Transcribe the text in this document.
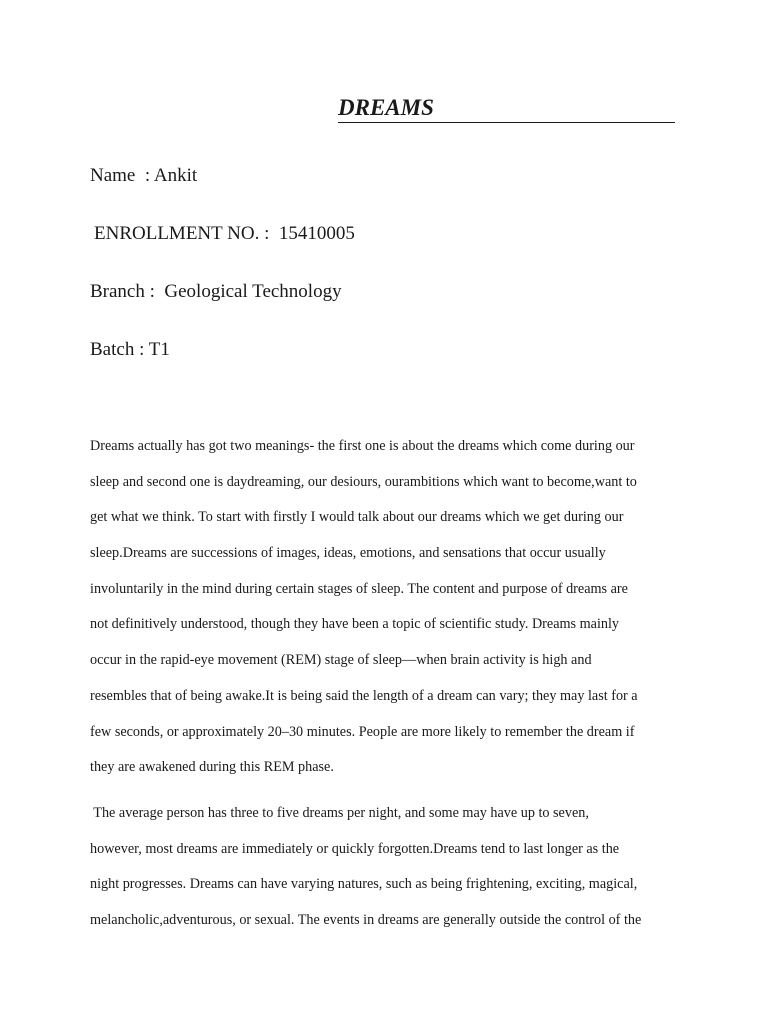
DREAMS
Name  : Ankit
ENROLLMENT NO. :  15410005
Branch :  Geological Technology
Batch : T1

Dreams actually has got two meanings- the first one is about the dreams which come during our
sleep and second one is daydreaming, our desiours, ourambitions which want to become,want to
get what we think. To start with firstly I would talk about our dreams which we get during our
sleep.Dreams are successions of images, ideas, emotions, and sensations that occur usually
involuntarily in the mind during certain stages of sleep. The content and purpose of dreams are
not definitively understood, though they have been a topic of scientific study. Dreams mainly
occur in the rapid-eye movement (REM) stage of sleep—when brain activity is high and
resembles that of being awake.It is being said the length of a dream can vary; they may last for a
few seconds, or approximately 20–30 minutes. People are more likely to remember the dream if
they are awakened during this REM phase.

The average person has three to five dreams per night, and some may have up to seven,
however, most dreams are immediately or quickly forgotten.Dreams tend to last longer as the
night progresses. Dreams can have varying natures, such as being frightening, exciting, magical,
melancholic,adventurous, or sexual. The events in dreams are generally outside the control of the
